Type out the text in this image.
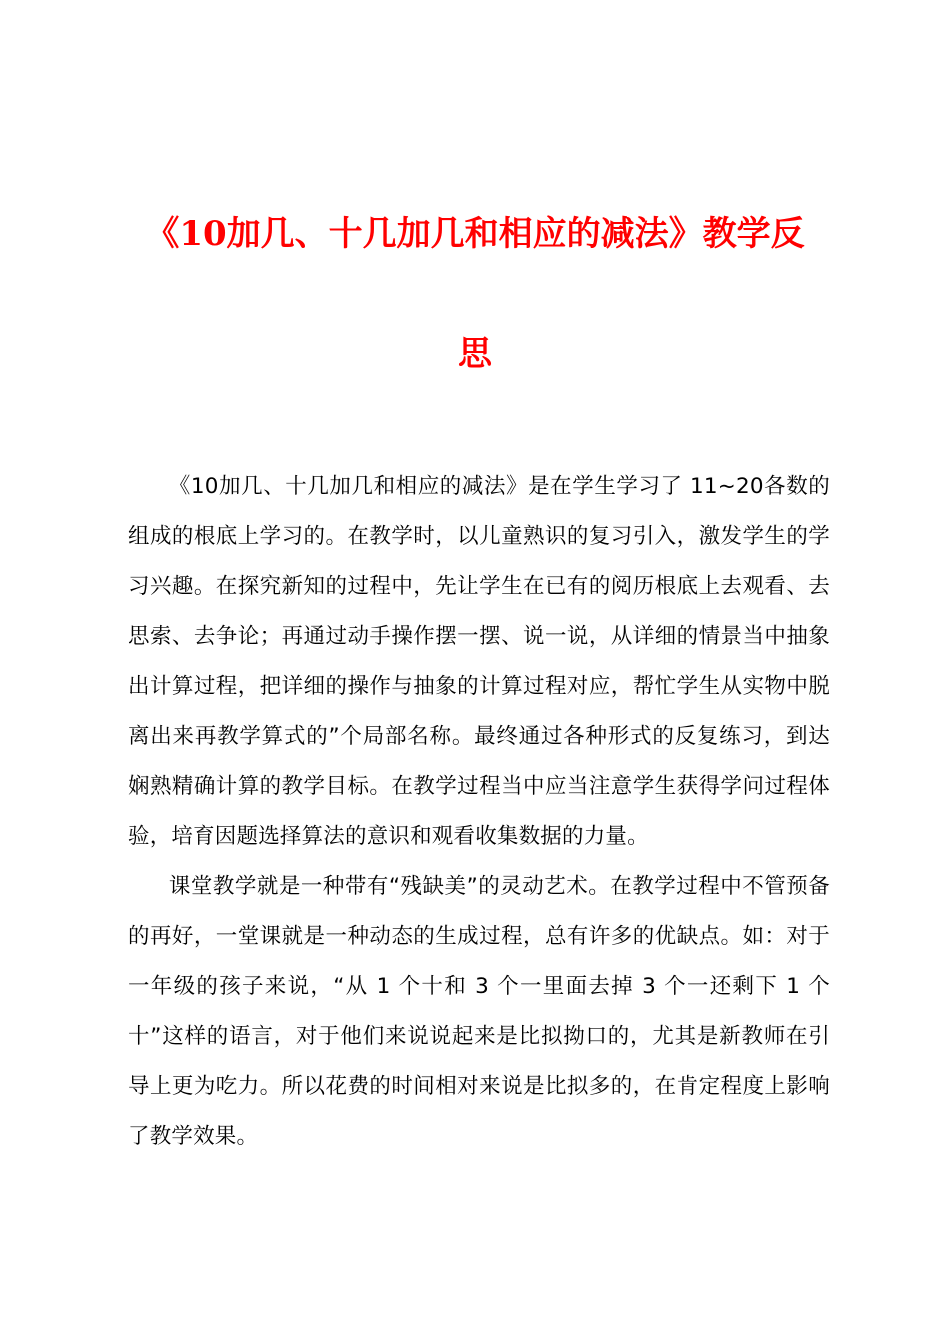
《10加几、十几加几和相应的减法》教学反
思

《10加几、十几加几和相应的减法》是在学生学习了 11~20各数的组成的根底上学习的。在教学时，以儿童熟识的复习引入，激发学生的学习兴趣。在探究新知的过程中，先让学生在已有的阅历根底上去观看、去思索、去争论；再通过动手操作摆一摆、说一说，从详细的情景当中抽象出计算过程，把详细的操作与抽象的计算过程对应，帮忙学生从实物中脱离出来再教学算式的”个局部名称。最终通过各种形式的反复练习，到达娴熟精确计算的教学目标。在教学过程当中应当注意学生获得学问过程体验，培育因题选择算法的意识和观看收集数据的力量。

课堂教学就是一种带有“残缺美”的灵动艺术。在教学过程中不管预备的再好，一堂课就是一种动态的生成过程，总有许多的优缺点。如：对于一年级的孩子来说，“从 1 个十和 3 个一里面去掉 3 个一还剩下 1 个十”这样的语言，对于他们来说说起来是比拟拗口的，尤其是新教师在引导上更为吃力。所以花费的时间相对来说是比拟多的，在肯定程度上影响了教学效果。
